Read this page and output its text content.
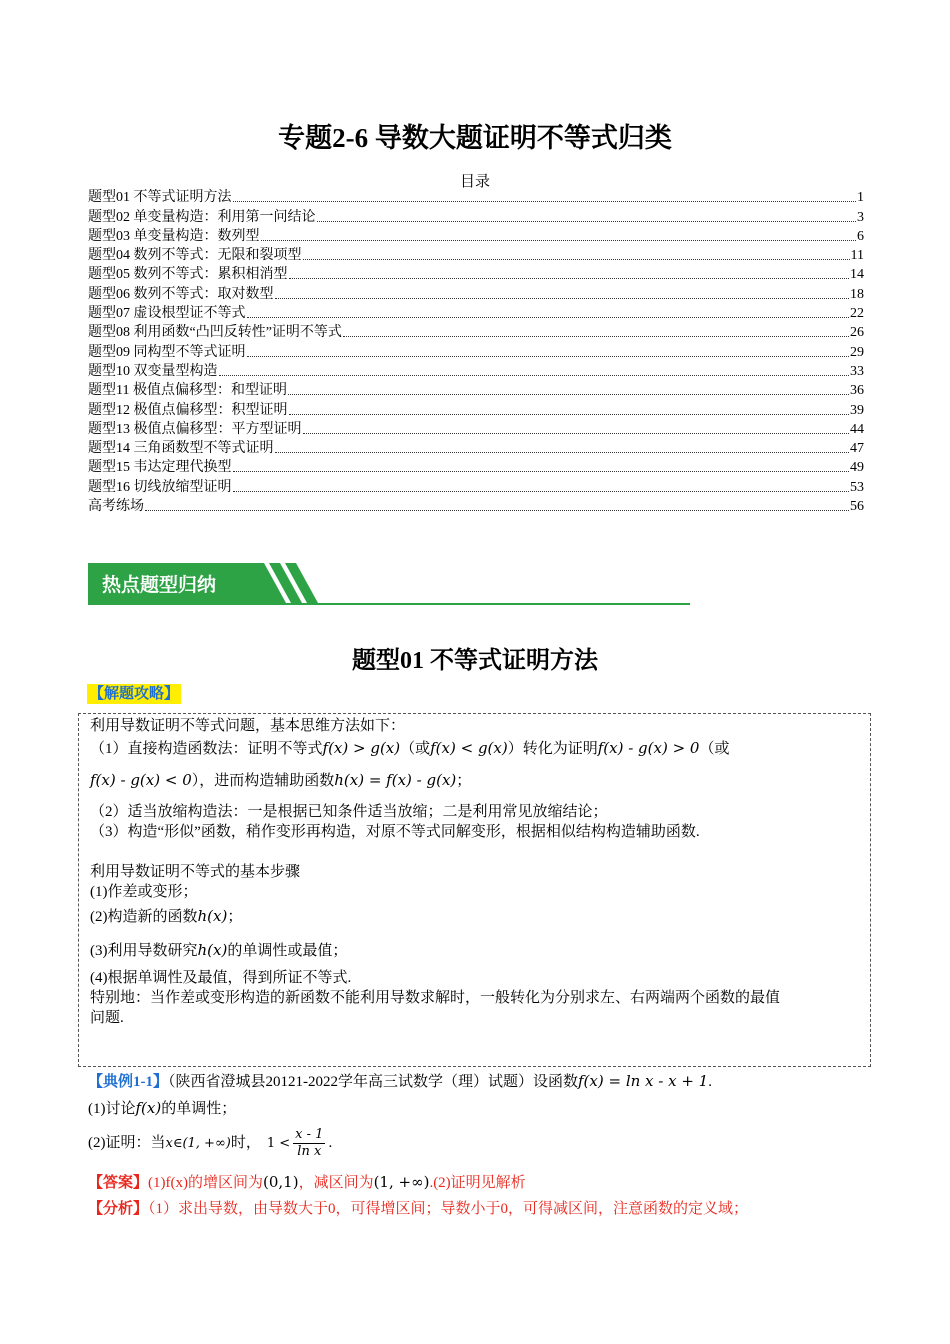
专题2-6 导数大题证明不等式归类
目录
题型01 不等式证明方法	1
题型02 单变量构造：利用第一问结论	3
题型03 单变量构造：数列型	6
题型04 数列不等式：无限和裂项型	11
题型05 数列不等式：累积相消型	14
题型06 数列不等式：取对数型	18
题型07 虚设根型证不等式	22
题型08 利用函数“凸凹反转性”证明不等式	26
题型09 同构型不等式证明	29
题型10 双变量型构造	33
题型11 极值点偏移型：和型证明	36
题型12 极值点偏移型：积型证明	39
题型13 极值点偏移型：平方型证明	44
题型14 三角函数型不等式证明	47
题型15 韦达定理代换型	49
题型16 切线放缩型证明	53
高考练场	56
热点题型归纳
题型01 不等式证明方法
【解题攻略】
利用导数证明不等式问题，基本思维方法如下：
（1）直接构造函数法：证明不等式f(x) > g(x)（或f(x) < g(x)）转化为证明f(x) - g(x) > 0（或
f(x) - g(x) < 0），进而构造辅助函数h(x) = f(x) - g(x)；
（2）适当放缩构造法：一是根据已知条件适当放缩；二是利用常见放缩结论；
（3）构造“形似”函数，稍作变形再构造，对原不等式同解变形，根据相似结构构造辅助函数.
利用导数证明不等式的基本步骤
(1)作差或变形；
(2)构造新的函数h(x)；
(3)利用导数研究h(x)的单调性或最值；
(4)根据单调性及最值，得到所证不等式.
特别地：当作差或变形构造的新函数不能利用导数求解时，一般转化为分别求左、右两端两个函数的最值
问题.
【典例1-1】（陕西省澄城县20121-2022学年高三试数学（理）试题）设函数f(x) = ln x - x + 1.
(1)讨论f(x)的单调性；
(2)证明：当x∈(1, +∞)时， $1 < \frac{x - 1}{\text{ln x}}$ .
【答案】(1)f(x)的增区间为(0,1)，减区间为(1, +∞).(2)证明见解析
【分析】（1）求出导数，由导数大于0，可得增区间；导数小于0，可得减区间，注意函数的定义域；
